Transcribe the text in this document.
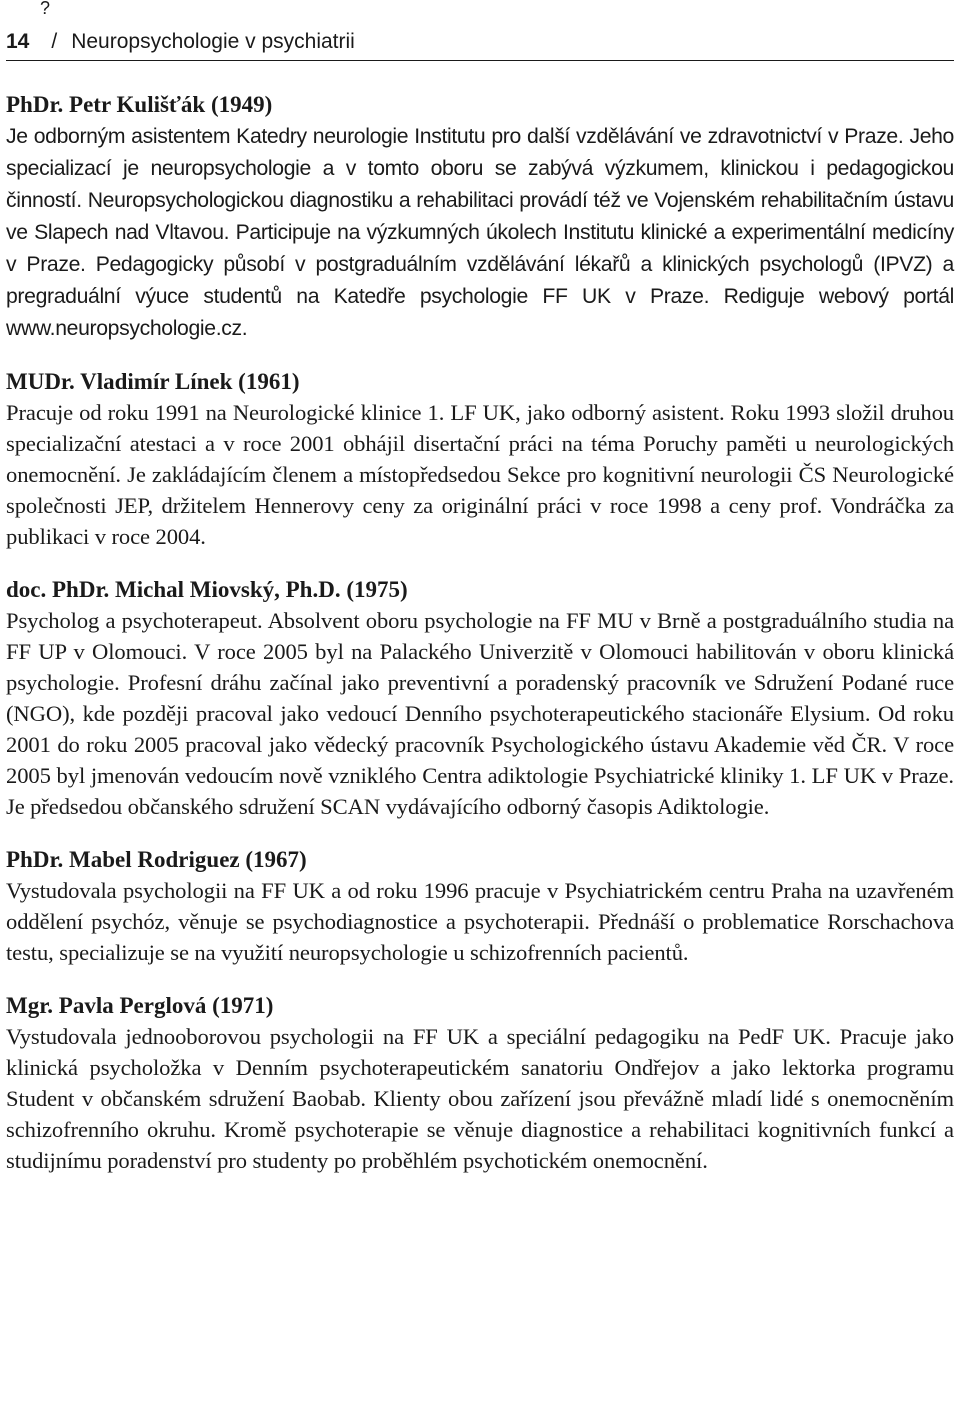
?
14 / Neuropsychologie v psychiatrii

PhDr. Petr Kulišťák (1949)

Je odborným asistentem Katedry neurologie Institutu pro další vzdělávání ve zdravotnictví v Praze. Jeho specializací je neuropsychologie a v tomto oboru se zabývá výzkumem, klinickou i pedagogickou činností. Neuropsychologickou diagnostiku a rehabilitaci provádí též ve Vojenském rehabilitačním ústavu ve Slapech nad Vltavou. Participuje na výzkumných úkolech Institutu klinické a experimentální medicíny v Praze. Pedagogicky působí v postgraduálním vzdělávání lékařů a klinických psychologů (IPVZ) a pregraduální výuce studentů na Katedře psychologie FF UK v Praze. Rediguje webový portál www.neuropsychologie.cz.

MUDr. Vladimír Línek (1961)

Pracuje od roku 1991 na Neurologické klinice 1. LF UK, jako odborný asistent. Roku 1993 složil druhou specializační atestaci a v roce 2001 obhájil disertační práci na téma Poruchy paměti u neurologických onemocnění. Je zakládajícím členem a místopředsedou Sekce pro kognitivní neurologii ČS Neurologické společnosti JEP, držitelem Hennerovy ceny za originální práci v roce 1998 a ceny prof. Vondráčka za publikaci v roce 2004.

doc. PhDr. Michal Miovský, Ph.D. (1975)

Psycholog a psychoterapeut. Absolvent oboru psychologie na FF MU v Brně a postgraduálního studia na FF UP v Olomouci. V roce 2005 byl na Palackého Univerzitě v Olomouci habilitován v oboru klinická psychologie. Profesní dráhu začínal jako preventivní a poradenský pracovník ve Sdružení Podané ruce (NGO), kde později pracoval jako vedoucí Denního psychoterapeutického stacionáře Elysium. Od roku 2001 do roku 2005 pracoval jako vědecký pracovník Psychologického ústavu Akademie věd ČR. V roce 2005 byl jmenován vedoucím nově vzniklého Centra adiktologie Psychiatrické kliniky 1. LF UK v Praze. Je předsedou občanského sdružení SCAN vydávajícího odborný časopis Adiktologie.

PhDr. Mabel Rodriguez (1967)

Vystudovala psychologii na FF UK a od roku 1996 pracuje v Psychiatrickém centru Praha na uzavřeném oddělení psychóz, věnuje se psychodiagnostice a psychoterapii. Přednáší o problematice Rorschachova testu, specializuje se na využití neuropsychologie u schizofrenních pacientů.

Mgr. Pavla Perglová (1971)

Vystudovala jednooborovou psychologii na FF UK a speciální pedagogiku na PedF UK. Pracuje jako klinická psycholožka v Denním psychoterapeutickém sanatoriu Ondřejov a jako lektorka programu Student v občanském sdružení Baobab. Klienty obou zařízení jsou převážně mladí lidé s onemocněním schizofrenního okruhu. Kromě psychoterapie se věnuje diagnostice a rehabilitaci kognitivních funkcí a studijnímu poradenství pro studenty po proběhlém psychotickém onemocnění.
